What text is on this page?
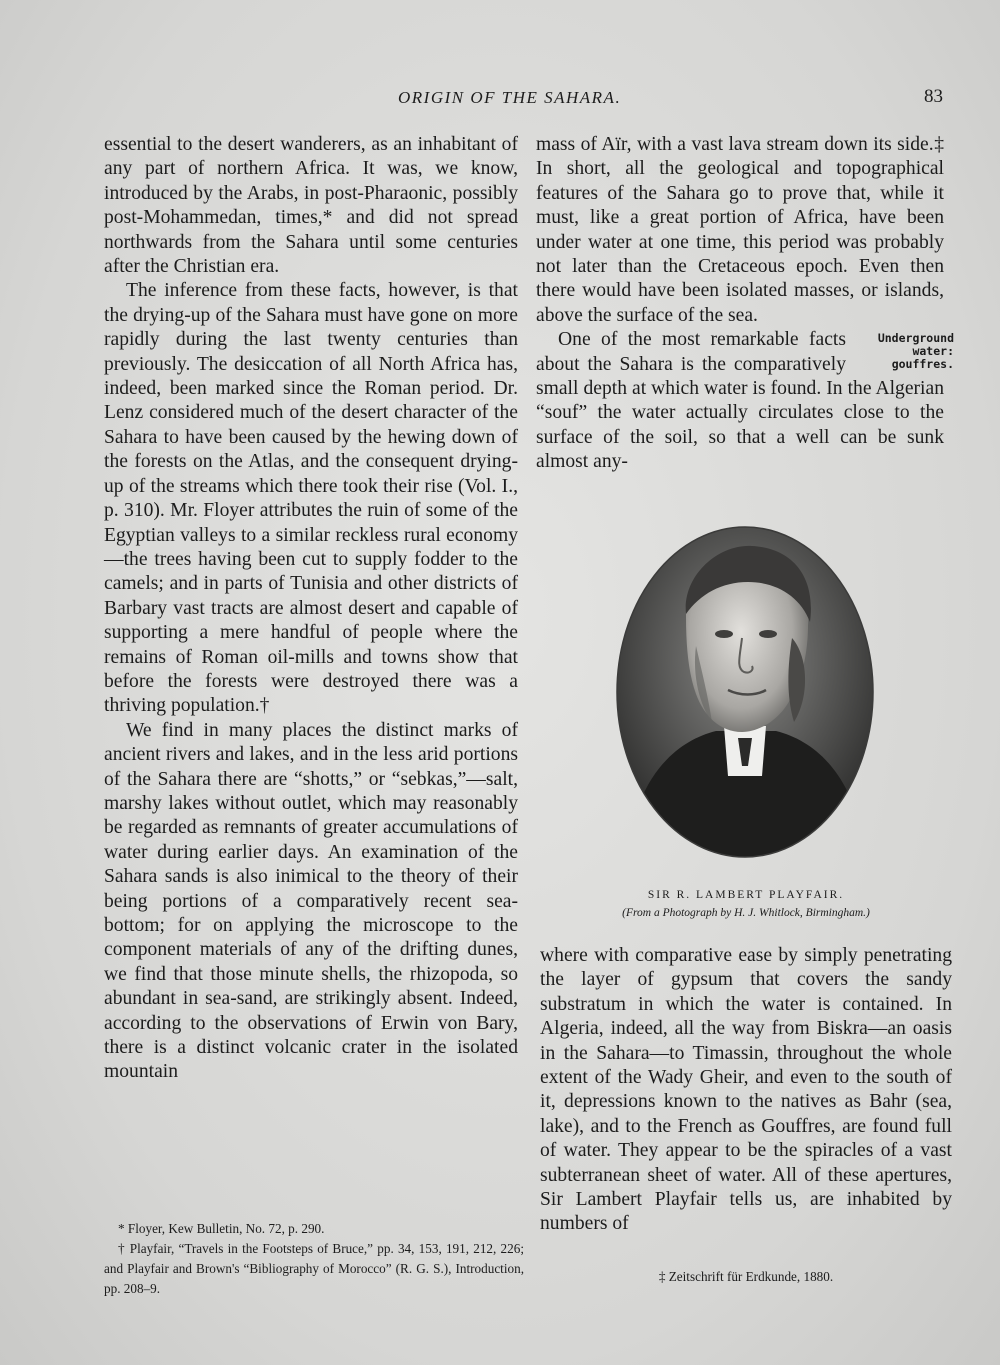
ORIGIN OF THE SAHARA.	83

essential to the desert wanderers, as an inhabitant of any part of northern Africa. It was, we know, introduced by the Arabs, in post-Pharaonic, possibly post-Mohammedan, times,* and did not spread northwards from the Sahara until some centuries after the Christian era.

The inference from these facts, however, is that the drying-up of the Sahara must have gone on more rapidly during the last twenty centuries than previously. The desiccation of all North Africa has, indeed, been marked since the Roman period. Dr. Lenz considered much of the desert character of the Sahara to have been caused by the hewing down of the forests on the Atlas, and the consequent drying-up of the streams which there took their rise (Vol. I., p. 310). Mr. Floyer attributes the ruin of some of the Egyptian valleys to a similar reckless rural economy—the trees having been cut to supply fodder to the camels; and in parts of Tunisia and other districts of Barbary vast tracts are almost desert and capable of supporting a mere handful of people where the remains of Roman oil-mills and towns show that before the forests were destroyed there was a thriving population.†

We find in many places the distinct marks of ancient rivers and lakes, and in the less arid portions of the Sahara there are “shotts,” or “sebkas,”—salt, marshy lakes without outlet, which may reasonably be regarded as remnants of greater accumulations of water during earlier days. An examination of the Sahara sands is also inimical to the theory of their being portions of a comparatively recent sea-bottom; for on applying the microscope to the component materials of any of the drifting dunes, we find that those minute shells, the rhizopoda, so abundant in sea-sand, are strikingly absent. Indeed, according to the observations of Erwin von Bary, there is a distinct volcanic crater in the isolated mountain

mass of Aïr, with a vast lava stream down its side.‡ In short, all the geological and topographical features of the Sahara go to prove that, while it must, like a great portion of Africa, have been under water at one time, this period was probably not later than the Cretaceous epoch. Even then there would have been isolated masses, or islands, above the surface of the sea.

Underground water: gouffres.
One of the most remarkable facts about the Sahara is the comparatively small depth at which water is found. In the Algerian “souf” the water actually circulates close to the surface of the soil, so that a well can be sunk almost any-

SIR R. LAMBERT PLAYFAIR.
(From a Photograph by H. J. Whitlock, Birmingham.)

where with comparative ease by simply penetrating the layer of gypsum that covers the sandy substratum in which the water is contained. In Algeria, indeed, all the way from Biskra—an oasis in the Sahara—to Timassin, throughout the whole extent of the Wady Gheir, and even to the south of it, depressions known to the natives as Bahr (sea, lake), and to the French as Gouffres, are found full of water. They appear to be the spiracles of a vast subterranean sheet of water. All of these apertures, Sir Lambert Playfair tells us, are inhabited by numbers of

* Floyer, Kew Bulletin, No. 72, p. 290.

† Playfair, “Travels in the Footsteps of Bruce,” pp. 34, 153, 191, 212, 226; and Playfair and Brown's “Bibliography of Morocco” (R. G. S.), Introduction, pp. 208–9.

‡ Zeitschrift für Erdkunde, 1880.
